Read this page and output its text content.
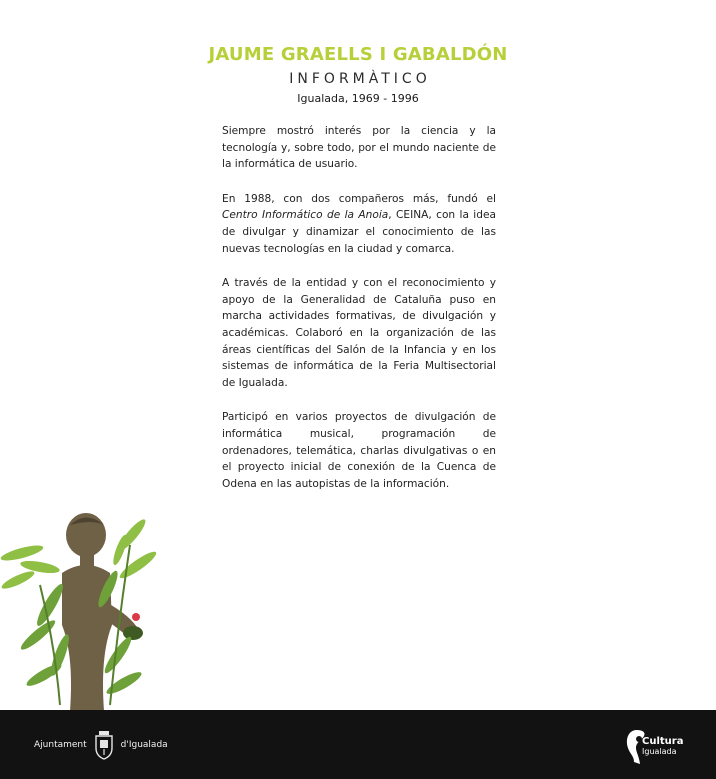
JAUME GRAELLS I GABALDÓN
INFORMÀTICO
Igualada, 1969 - 1996

Siempre mostró interés por la ciencia y la tecnología y, sobre todo, por el mundo naciente de la informática de usuario.

En 1988, con dos compañeros más, fundó el Centro Informático de la Anoia, CEINA, con la idea de divulgar y dinamizar el conocimiento de las nuevas tecnologías en la ciudad y comarca.

A través de la entidad y con el reconocimiento y apoyo de la Generalidad de Cataluña puso en marcha actividades formativas, de divulgación y académicas. Colaboró en la organización de las áreas científicas del Salón de la Infancia y en los sistemas de informática de la Feria Multisectorial de Igualada.

Participó en varios proyectos de divulgación de informática musical, programación de ordenadores, telemática, charlas divulgativas o en el proyecto inicial de conexión de la Cuenca de Odena en las autopistas de la información.

Ajuntament	d'Igualada	Cultura
Igualada
